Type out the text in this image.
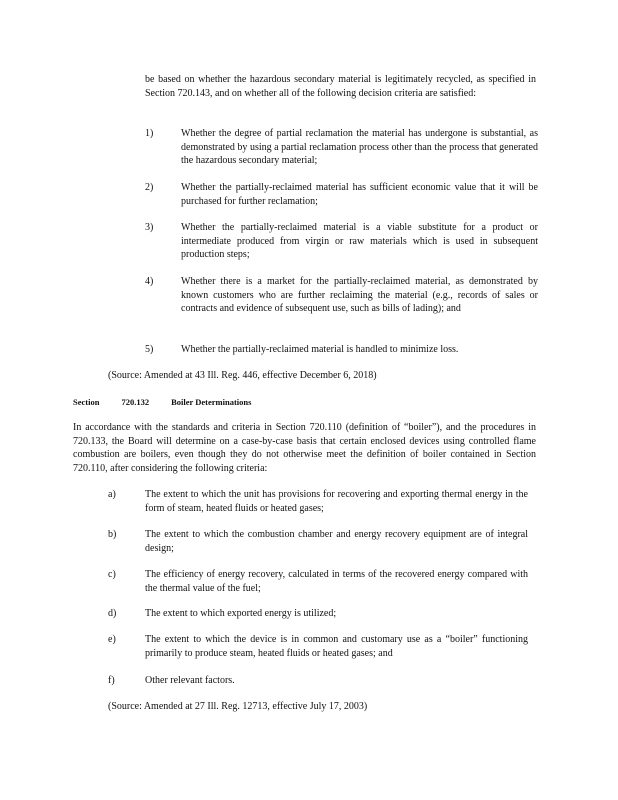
be based on whether the hazardous secondary material is legitimately recycled, as specified in Section 720.143, and on whether all of the following decision criteria are satisfied:

1)	Whether the degree of partial reclamation the material has undergone is substantial, as demonstrated by using a partial reclamation process other than the process that generated the hazardous secondary material;

2)	Whether the partially-reclaimed material has sufficient economic value that it will be purchased for further reclamation;

3)	Whether the partially-reclaimed material is a viable substitute for a product or intermediate produced from virgin or raw materials which is used in subsequent production steps;

4)	Whether there is a market for the partially-reclaimed material, as demonstrated by known customers who are further reclaiming the material (e.g., records of sales or contracts and evidence of subsequent use, such as bills of lading); and

5)	Whether the partially-reclaimed material is handled to minimize loss.

(Source: Amended at 43 Ill. Reg. 446, effective December 6, 2018)

Section	720.132	Boiler Determinations

In accordance with the standards and criteria in Section 720.110 (definition of “boiler”), and the procedures in 720.133, the Board will determine on a case-by-case basis that certain enclosed devices using controlled flame combustion are boilers, even though they do not otherwise meet the definition of boiler contained in Section 720.110, after considering the following criteria:

a)	The extent to which the unit has provisions for recovering and exporting thermal energy in the form of steam, heated fluids or heated gases;

b)	The extent to which the combustion chamber and energy recovery equipment are of integral design;

c)	The efficiency of energy recovery, calculated in terms of the recovered energy compared with the thermal value of the fuel;

d)	The extent to which exported energy is utilized;

e)	The extent to which the device is in common and customary use as a “boiler” functioning primarily to produce steam, heated fluids or heated gases; and

f)	Other relevant factors.

(Source: Amended at 27 Ill. Reg. 12713, effective July 17, 2003)
